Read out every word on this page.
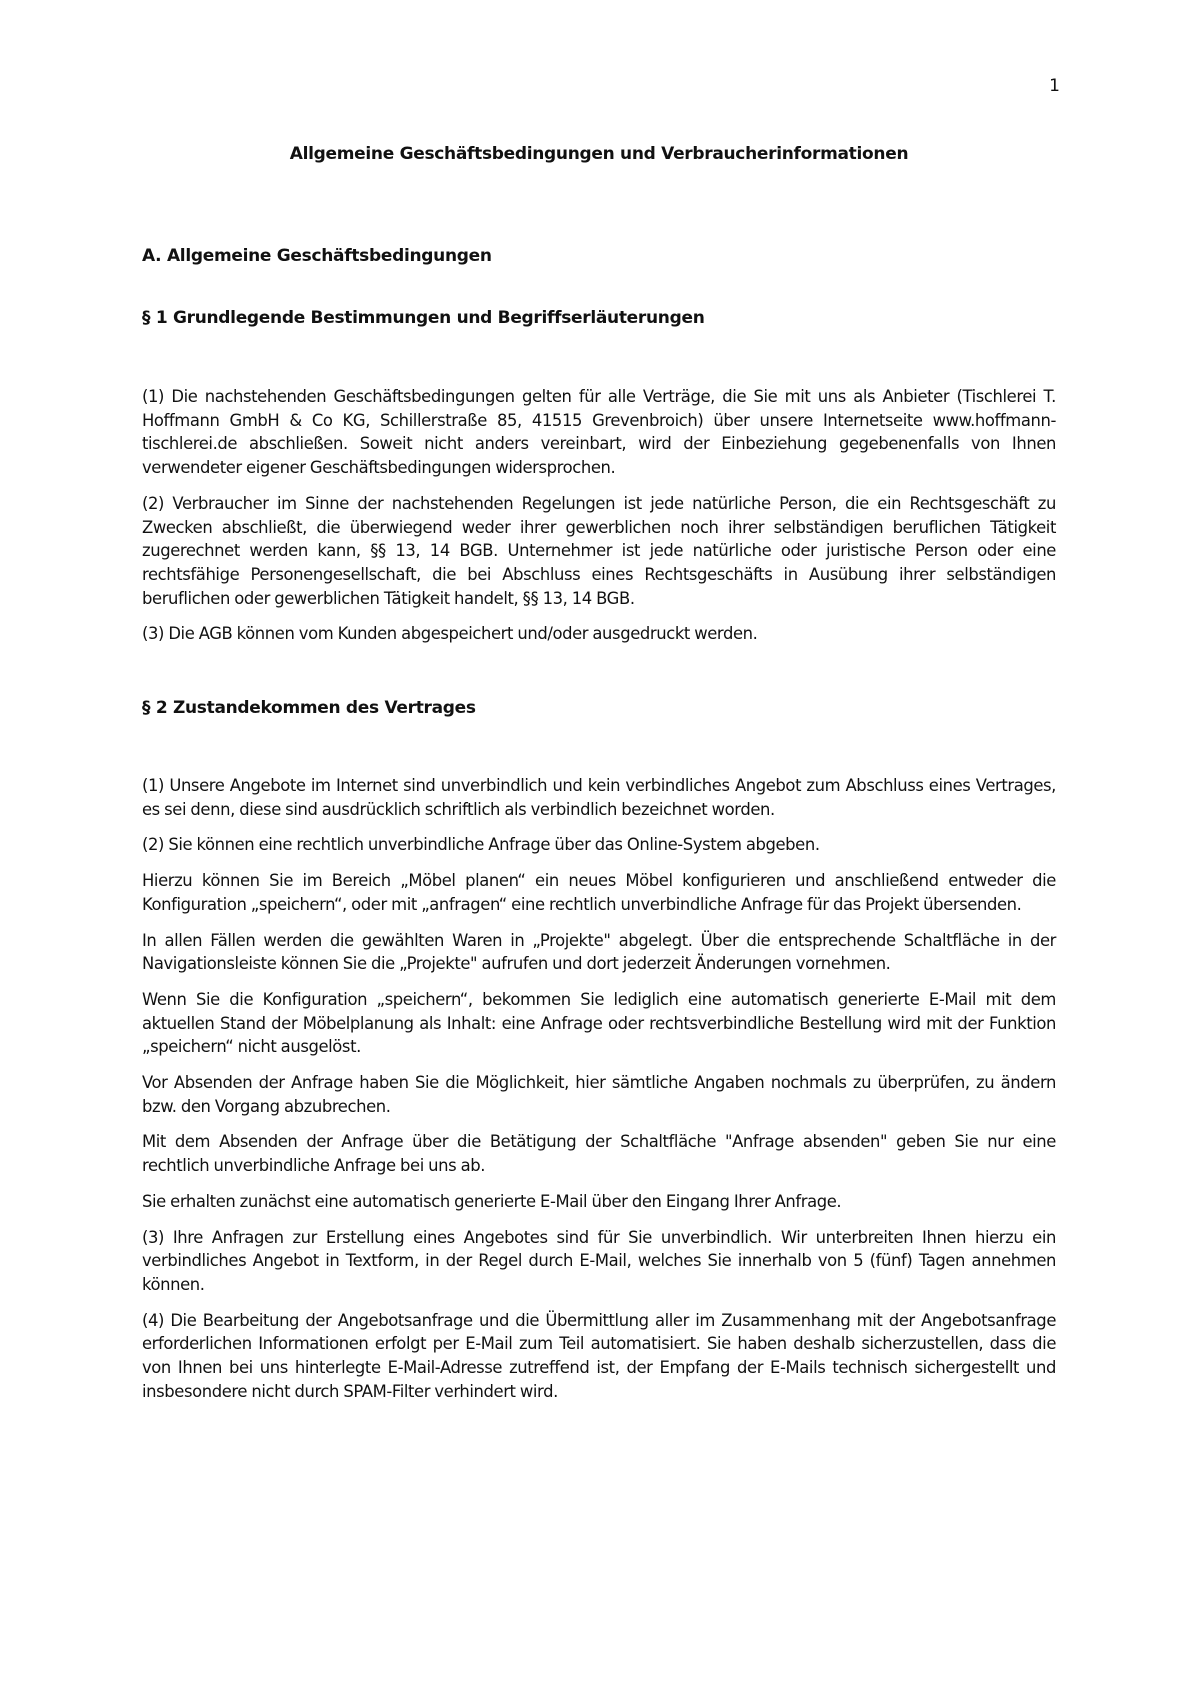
1
Allgemeine Geschäftsbedingungen und Verbraucherinformationen
A. Allgemeine Geschäftsbedingungen
§ 1 Grundlegende Bestimmungen und Begriffserläuterungen

(1) Die nachstehenden Geschäftsbedingungen gelten für alle Verträge, die Sie mit uns als Anbieter (Tischlerei T. Hoffmann GmbH & Co KG, Schillerstraße 85, 41515 Grevenbroich) über unsere Internetseite www.hoffmann-tischlerei.de abschließen. Soweit nicht anders vereinbart, wird der Einbeziehung gegebenenfalls von Ihnen verwendeter eigener Geschäftsbedingungen widersprochen.

(2) Verbraucher im Sinne der nachstehenden Regelungen ist jede natürliche Person, die ein Rechtsgeschäft zu Zwecken abschließt, die überwiegend weder ihrer gewerblichen noch ihrer selbständigen beruflichen Tätigkeit zugerechnet werden kann, §§ 13, 14 BGB. Unternehmer ist jede natürliche oder juristische Person oder eine rechtsfähige Personengesellschaft, die bei Abschluss eines Rechtsgeschäfts in Ausübung ihrer selbständigen beruflichen oder gewerblichen Tätigkeit handelt, §§ 13, 14 BGB.

(3) Die AGB können vom Kunden abgespeichert und/oder ausgedruckt werden.

§ 2 Zustandekommen des Vertrages

(1) Unsere Angebote im Internet sind unverbindlich und kein verbindliches Angebot zum Abschluss eines Vertrages, es sei denn, diese sind ausdrücklich schriftlich als verbindlich bezeichnet worden.

(2) Sie können eine rechtlich unverbindliche Anfrage über das Online-System abgeben.

Hierzu können Sie im Bereich „Möbel planen“ ein neues Möbel konfigurieren und anschließend entweder die Konfiguration „speichern“, oder mit „anfragen“ eine rechtlich unverbindliche Anfrage für das Projekt übersenden.

In allen Fällen werden die gewählten Waren in „Projekte" abgelegt. Über die entsprechende Schaltfläche in der Navigationsleiste können Sie die „Projekte" aufrufen und dort jederzeit Änderungen vornehmen.

Wenn Sie die Konfiguration „speichern“, bekommen Sie lediglich eine automatisch generierte E-Mail mit dem aktuellen Stand der Möbelplanung als Inhalt: eine Anfrage oder rechtsverbindliche Bestellung wird mit der Funktion „speichern“ nicht ausgelöst.

Vor Absenden der Anfrage haben Sie die Möglichkeit, hier sämtliche Angaben nochmals zu überprüfen, zu ändern bzw. den Vorgang abzubrechen.

Mit dem Absenden der Anfrage über die Betätigung der Schaltfläche "Anfrage absenden" geben Sie nur eine rechtlich unverbindliche Anfrage bei uns ab.

Sie erhalten zunächst eine automatisch generierte E-Mail über den Eingang Ihrer Anfrage.

(3) Ihre Anfragen zur Erstellung eines Angebotes sind für Sie unverbindlich. Wir unterbreiten Ihnen hierzu ein verbindliches Angebot in Textform, in der Regel durch E-Mail, welches Sie innerhalb von 5 (fünf) Tagen annehmen können.

(4) Die Bearbeitung der Angebotsanfrage und die Übermittlung aller im Zusammenhang mit der Angebotsanfrage erforderlichen Informationen erfolgt per E-Mail zum Teil automatisiert. Sie haben deshalb sicherzustellen, dass die von Ihnen bei uns hinterlegte E-Mail-Adresse zutreffend ist, der Empfang der E-Mails technisch sichergestellt und insbesondere nicht durch SPAM-Filter verhindert wird.
